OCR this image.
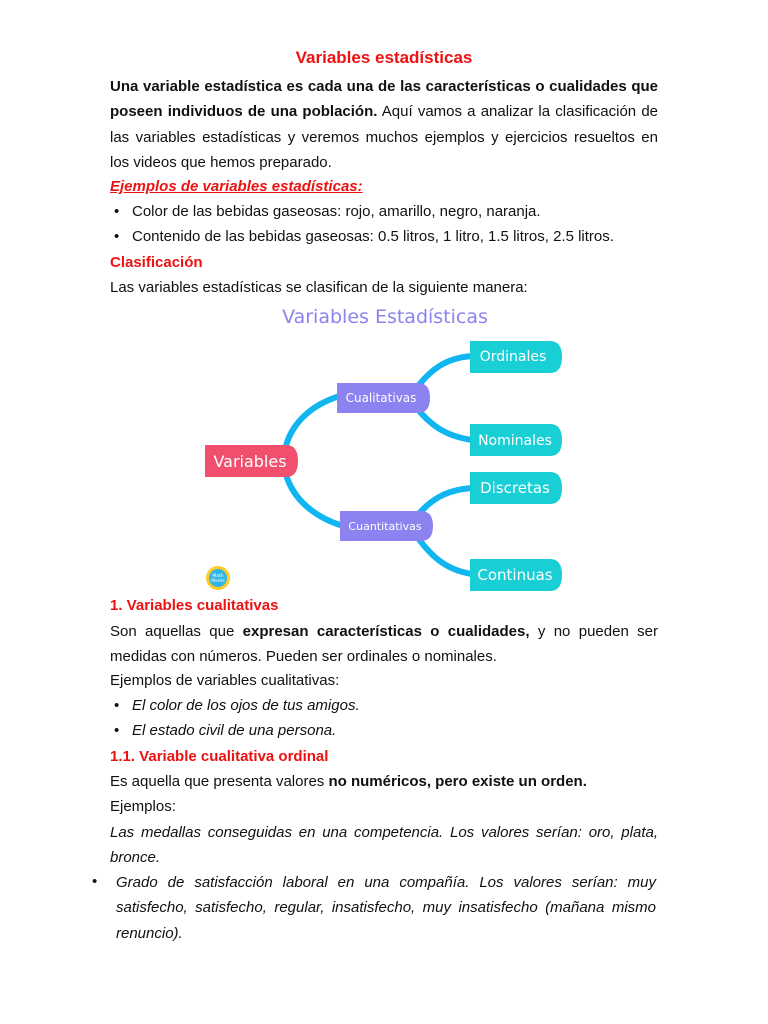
Variables estadísticas

Una variable estadística es cada una de las características o cualidades que poseen individuos de una población. Aquí vamos a analizar la clasificación de las variables estadísticas y veremos muchos ejemplos y ejercicios resueltos en los videos que hemos preparado.

Ejemplos de variables estadísticas:

• Color de las bebidas gaseosas: rojo, amarillo, negro, naranja.

• Contenido de las bebidas gaseosas: 0.5 litros, 1 litro, 1.5 litros, 2.5 litros.

Clasificación

Las variables estadísticas se clasifican de la siguiente manera:

1. Variables cualitativas

Son aquellas que expresan características o cualidades, y no pueden ser medidas con números. Pueden ser ordinales o nominales.

Ejemplos de variables cualitativas:

• El color de los ojos de tus amigos.

• El estado civil de una persona.

1.1. Variable cualitativa ordinal

Es aquella que presenta valores no numéricos, pero existe un orden.

Ejemplos:

Las medallas conseguidas en una competencia. Los valores serían: oro, plata, bronce.

• Grado de satisfacción laboral en una compañía. Los valores serían: muy satisfecho, satisfecho, regular, insatisfecho, muy insatisfecho (mañana mismo renuncio).

Variables Estadísticas
Variables
Cualitativas
Cuantitativas
Ordinales
Nominales
Discretas
Continuas
Math
Meets
